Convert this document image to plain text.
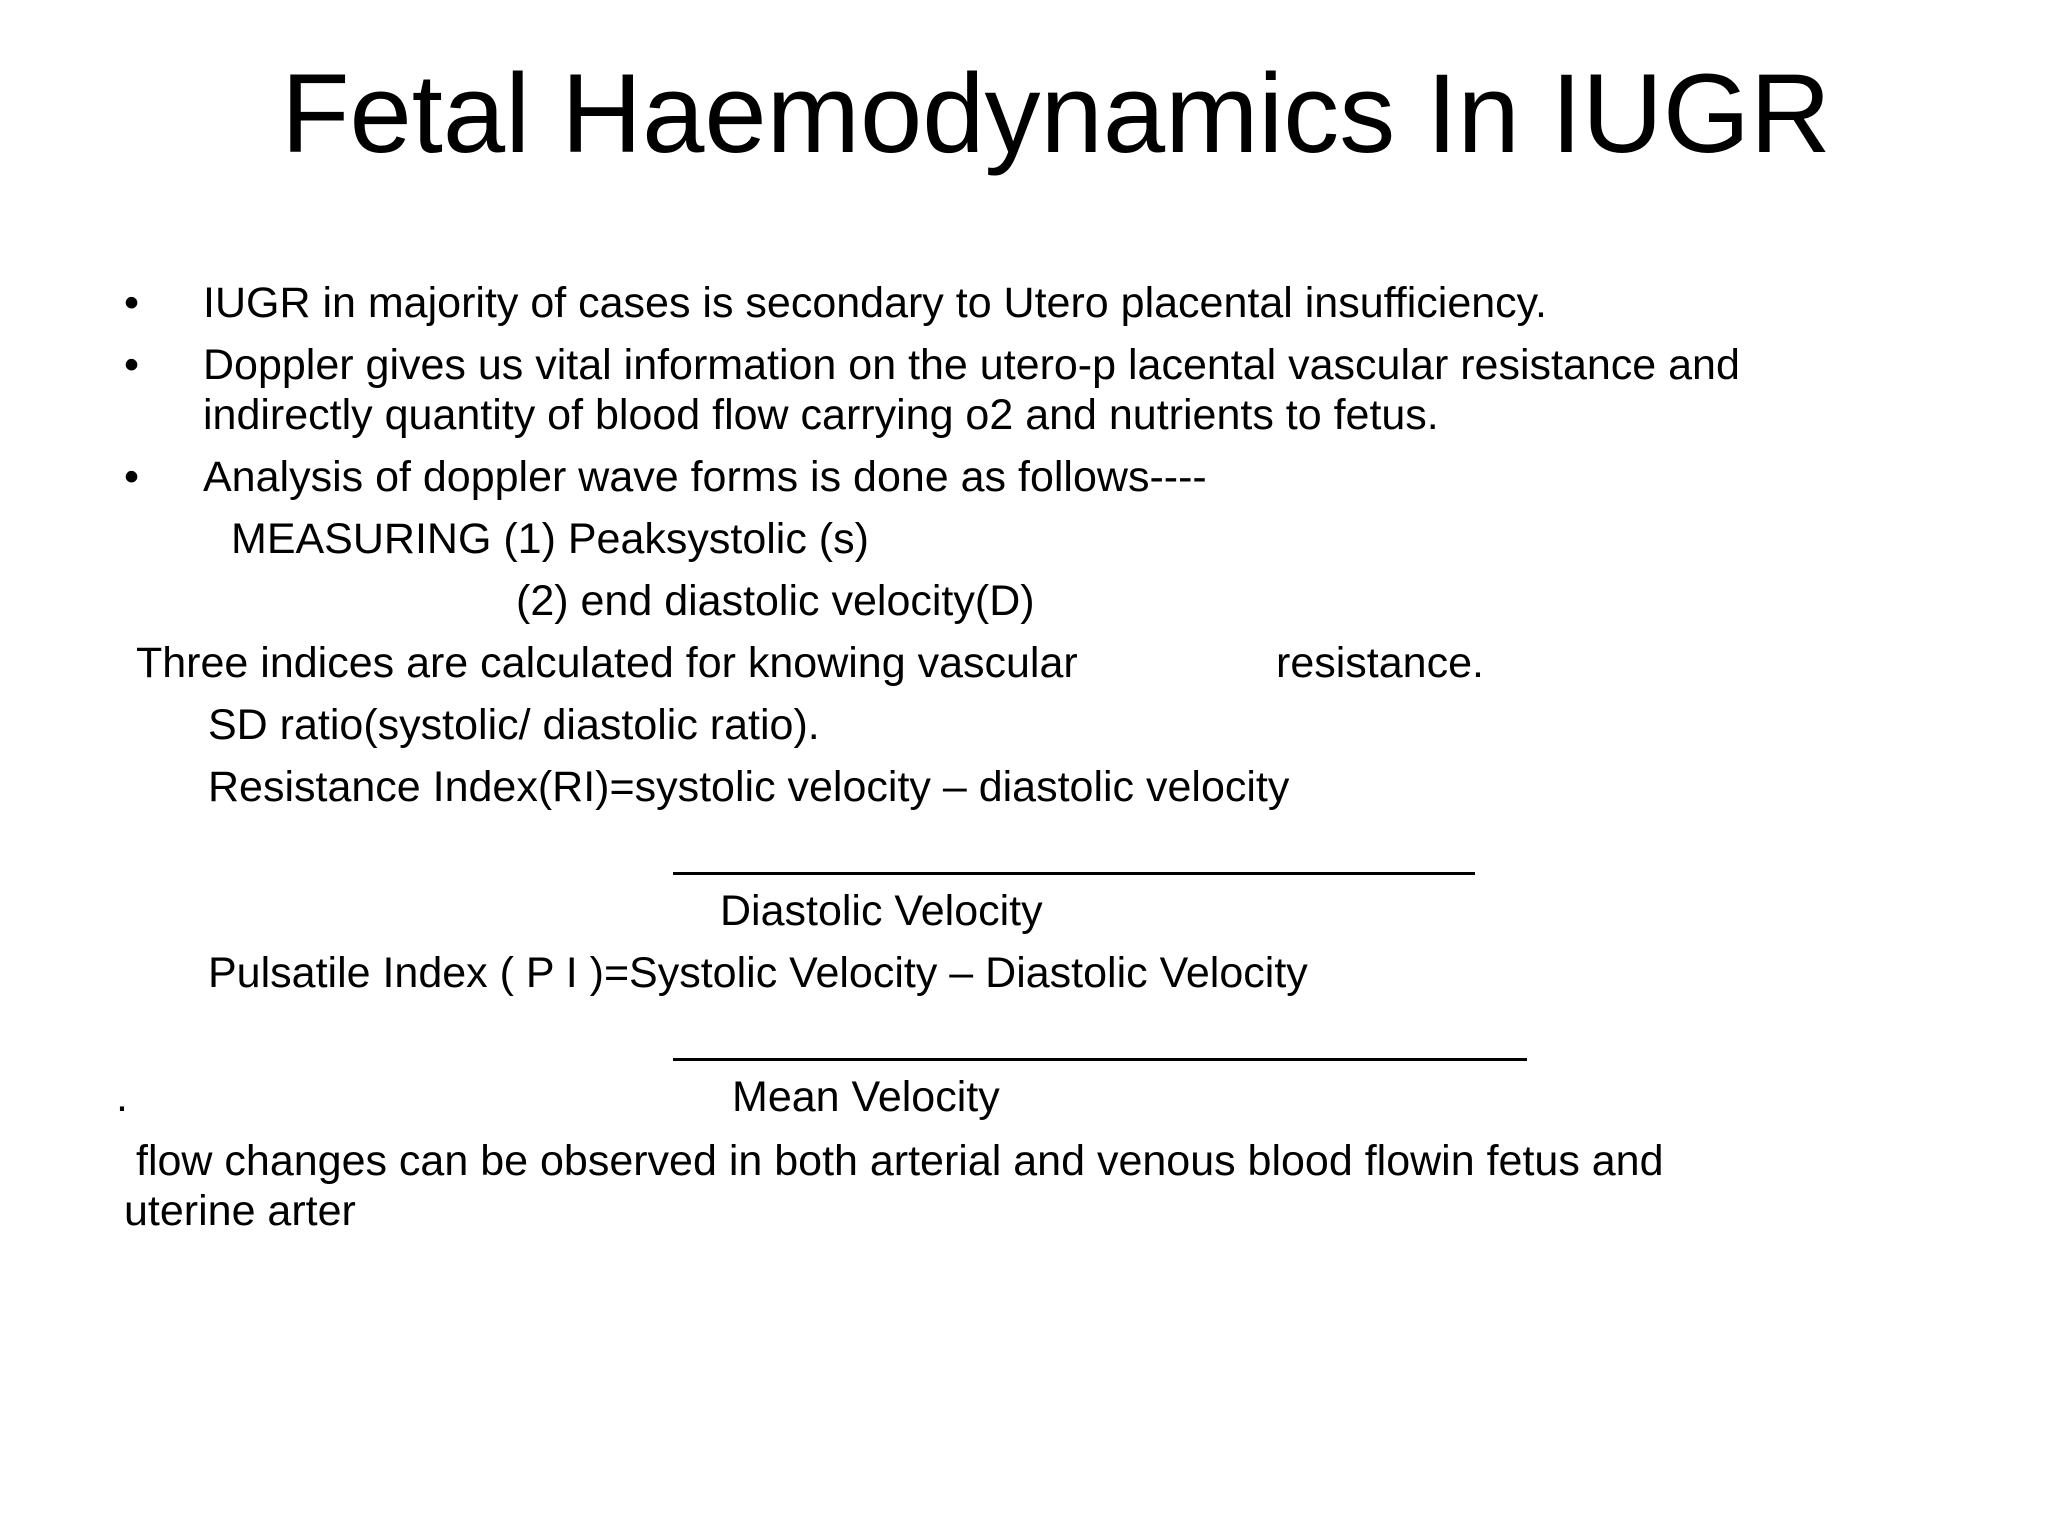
Fetal Haemodynamics In IUGR
• IUGR in majority of cases is secondary to Utero placental insufficiency.
• Doppler gives us vital information on the utero-p lacental vascular resistance and
indirectly quantity of blood flow carrying o2 and nutrients to fetus.
• Analysis of doppler wave forms is done as follows----
MEASURING (1) Peaksystolic (s)
(2) end diastolic velocity(D)
Three indices are calculated for knowing vascular	resistance.
SD ratio(systolic/ diastolic ratio).
Resistance Index(RI)=systolic velocity – diastolic velocity
Diastolic Velocity
Pulsatile Index ( P I )=Systolic Velocity – Diastolic Velocity
.	Mean Velocity
flow changes can be observed in both arterial and venous blood flowin fetus and
uterine arter
